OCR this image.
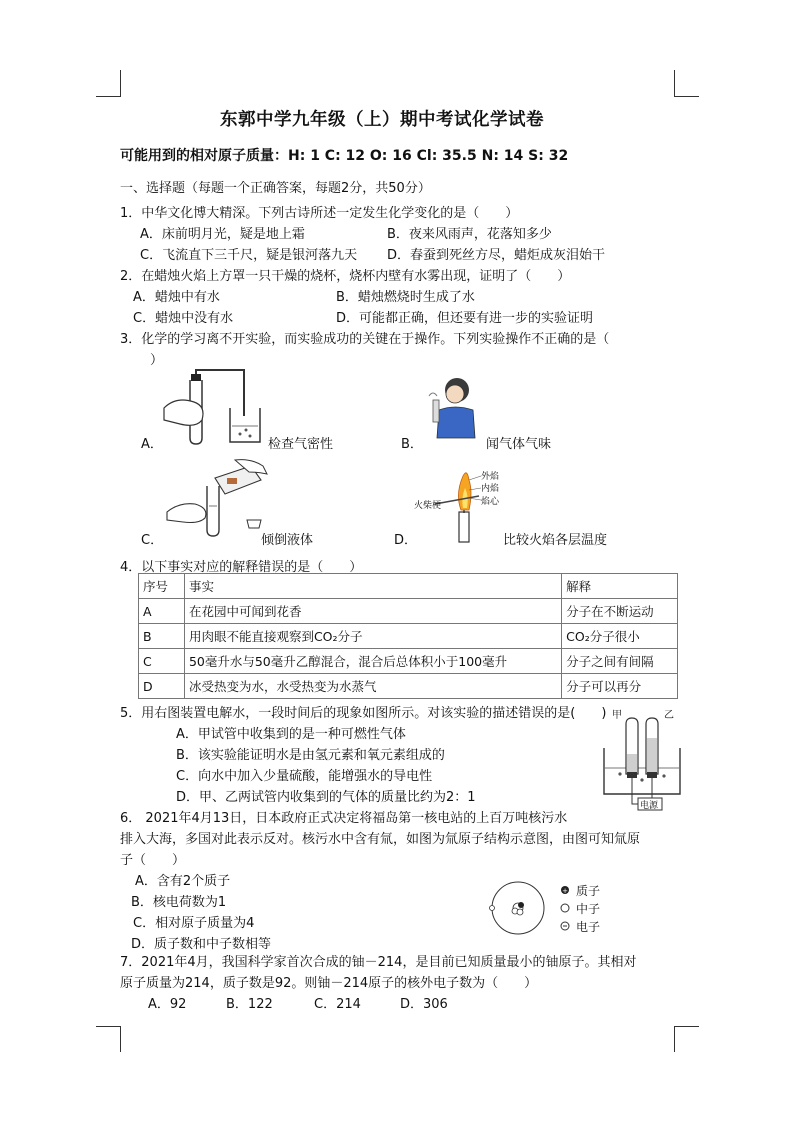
东郭中学九年级（上）期中考试化学试卷
可能用到的相对原子质量：H: 1 C: 12 O: 16 Cl: 35.5 N: 14 S: 32
一、选择题（每题一个正确答案，每题2分，共50分）
1．中华文化博大精深。下列古诗所述一定发生化学变化的是（　　）
A．床前明月光，疑是地上霜	B．夜来风雨声，花落知多少
C．飞流直下三千尺，疑是银河落九天 D．春蚕到死丝方尽，蜡炬成灰泪始干
2．在蜡烛火焰上方罩一只干燥的烧杯，烧杯内壁有水雾出现，证明了（　　）
A．蜡烛中有水	B．蜡烛燃烧时生成了水
C．蜡烛中没有水	D．可能都正确，但还要有进一步的实验证明
3．化学的学习离不开实验，而实验成功的关键在于操作。下列实验操作不正确的是（
）
A．	检查气密性	B．	闻气体气味
C．	倾倒液体
外焰
内焰
焰心
火柴梗
D．	比较火焰各层温度
4．以下事实对应的解释错误的是（　　）
序号	事实	解释
A	在花园中可闻到花香	分子在不断运动
B	用肉眼不能直接观察到CO₂分子	CO₂分子很小
C	50毫升水与50毫升乙醇混合，混合后总体积小于100毫升	分子之间有间隔
D	冰受热变为水，水受热变为水蒸气	分子可以再分
5．用右图装置电解水，一段时间后的现象如图所示。对该实验的描述错误的是(　　)
A．甲试管中收集到的是一种可燃性气体
B．该实验能证明水是由氢元素和氧元素组成的
C．向水中加入少量硫酸，能增强水的导电性
D．甲、乙两试管内收集到的气体的质量比约为2：1
甲	乙
电源
6． 2021年4月13日，日本政府正式决定将福岛第一核电站的上百万吨核污水
排入大海，多国对此表示反对。核污水中含有氚，如图为氚原子结构示意图，由图可知氚原
子（　　）
A．含有2个质子
B．核电荷数为1
C．相对原子质量为4
D．质子数和中子数相等
+ 质子
中子
电子
7．2021年4月，我国科学家首次合成的铀－214，是目前已知质量最小的铀原子。其相对
原子质量为214，质子数是92。则铀－214原子的核外电子数为（　　）
A．92	B．122	C．214	D．306
